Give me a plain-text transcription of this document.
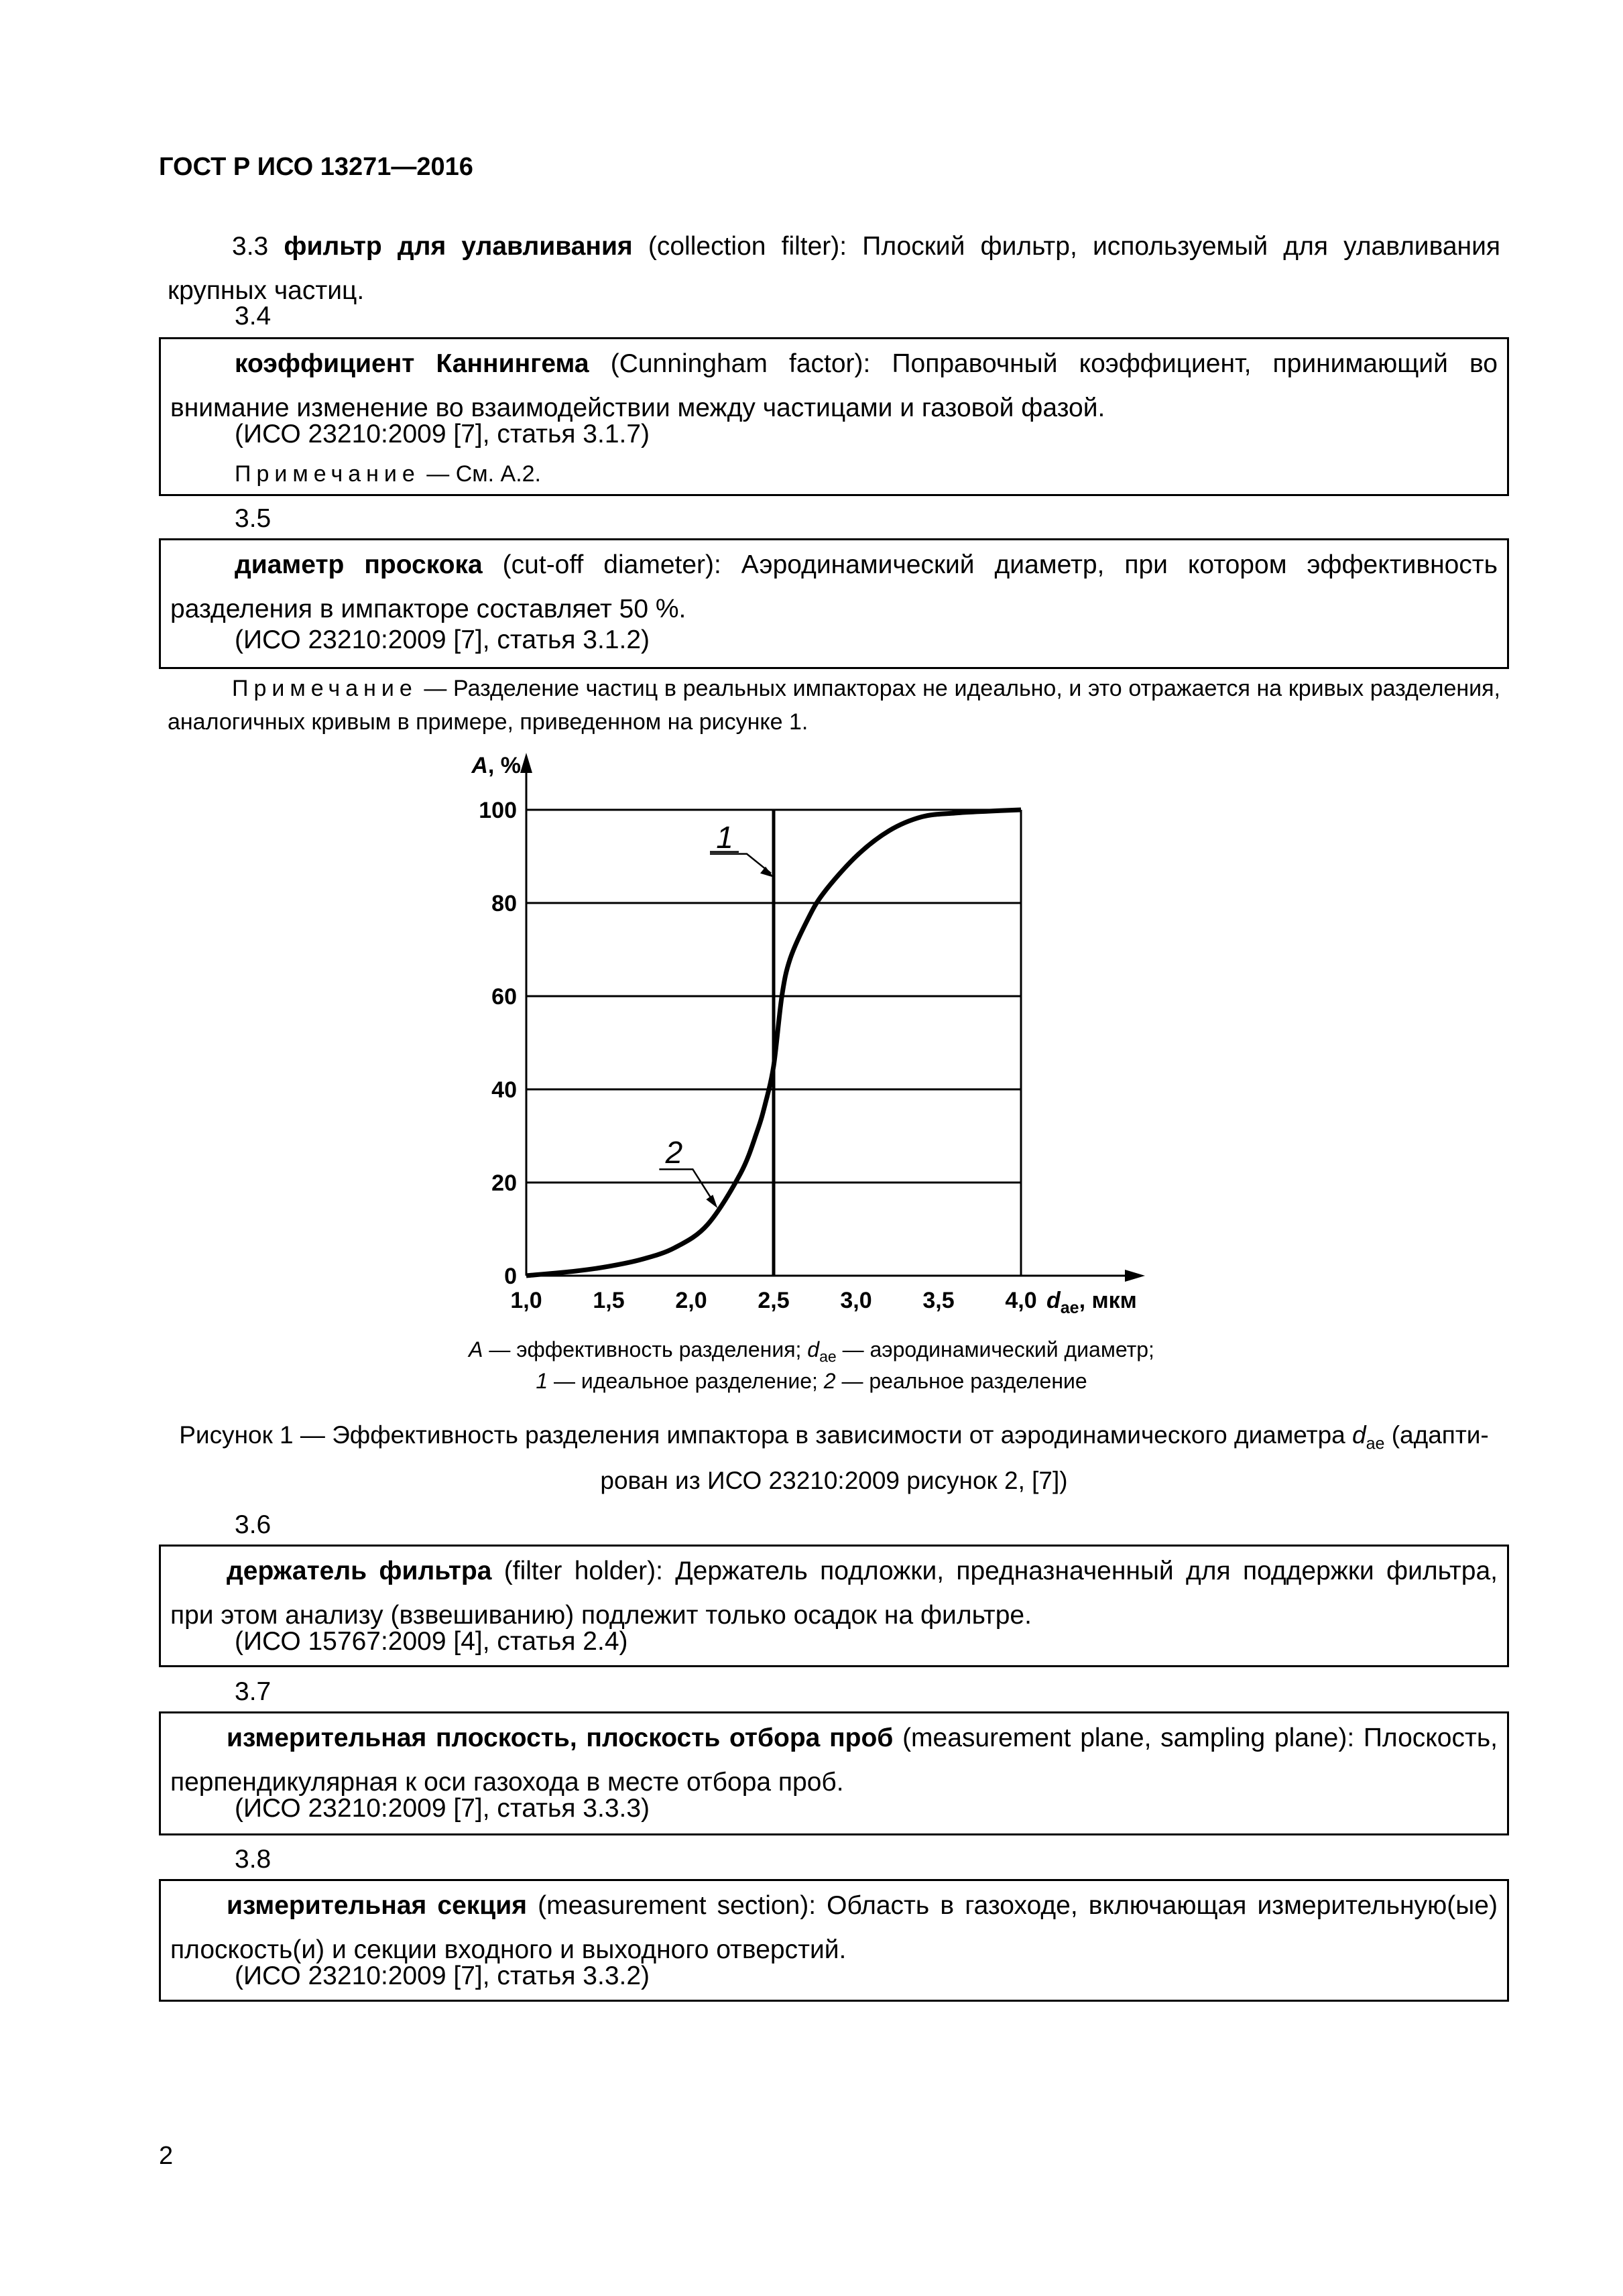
ГОСТ Р ИСО 13271—2016
3.3 фильтр для улавливания (collection filter): Плоский фильтр, используемый для улавливания крупных частиц.
3.4
коэффициент Каннингема (Cunningham factor): Поправочный коэффициент, принимающий во внимание изменение во взаимодействии между частицами и газовой фазой.
(ИСО 23210:2009 [7], статья 3.1.7)
Примечание — См. А.2.
3.5
диаметр проскока (cut-off diameter): Аэродинамический диаметр, при котором эффективность разделения в импакторе составляет 50 %.
(ИСО 23210:2009 [7], статья 3.1.2)
Примечание — Разделение частиц в реальных импакторах не идеально, и это отражается на кривых разделения, аналогичных кривым в примере, приведенном на рисунке 1.
0
20
40
60
80
100
1,0 1,5 2,0 2,5 3,0 3,5 4,0
A, %
$d_{ae}$, мкм
1
2
A — эффективность разделения; $d_{ae}$ — аэродинамический диаметр;
1 — идеальное разделение; 2 — реальное разделение
Рисунок 1 — Эффективность разделения импактора в зависимости от аэродинамического диаметра $d_{ae}$ (адапти-рован из ИСО 23210:2009 рисунок 2, [7])
3.6
держатель фильтра (filter holder): Держатель подложки, предназначенный для поддержки фильтра, при этом анализу (взвешиванию) подлежит только осадок на фильтре.
(ИСО 15767:2009 [4], статья 2.4)
3.7
измерительная плоскость, плоскость отбора проб (measurement plane, sampling plane): Плоскость, перпендикулярная к оси газохода в месте отбора проб.
(ИСО 23210:2009 [7], статья 3.3.3)
3.8
измерительная секция (measurement section): Область в газоходе, включающая измерительную(ые) плоскость(и) и секции входного и выходного отверстий.
(ИСО 23210:2009 [7], статья 3.3.2)
2
